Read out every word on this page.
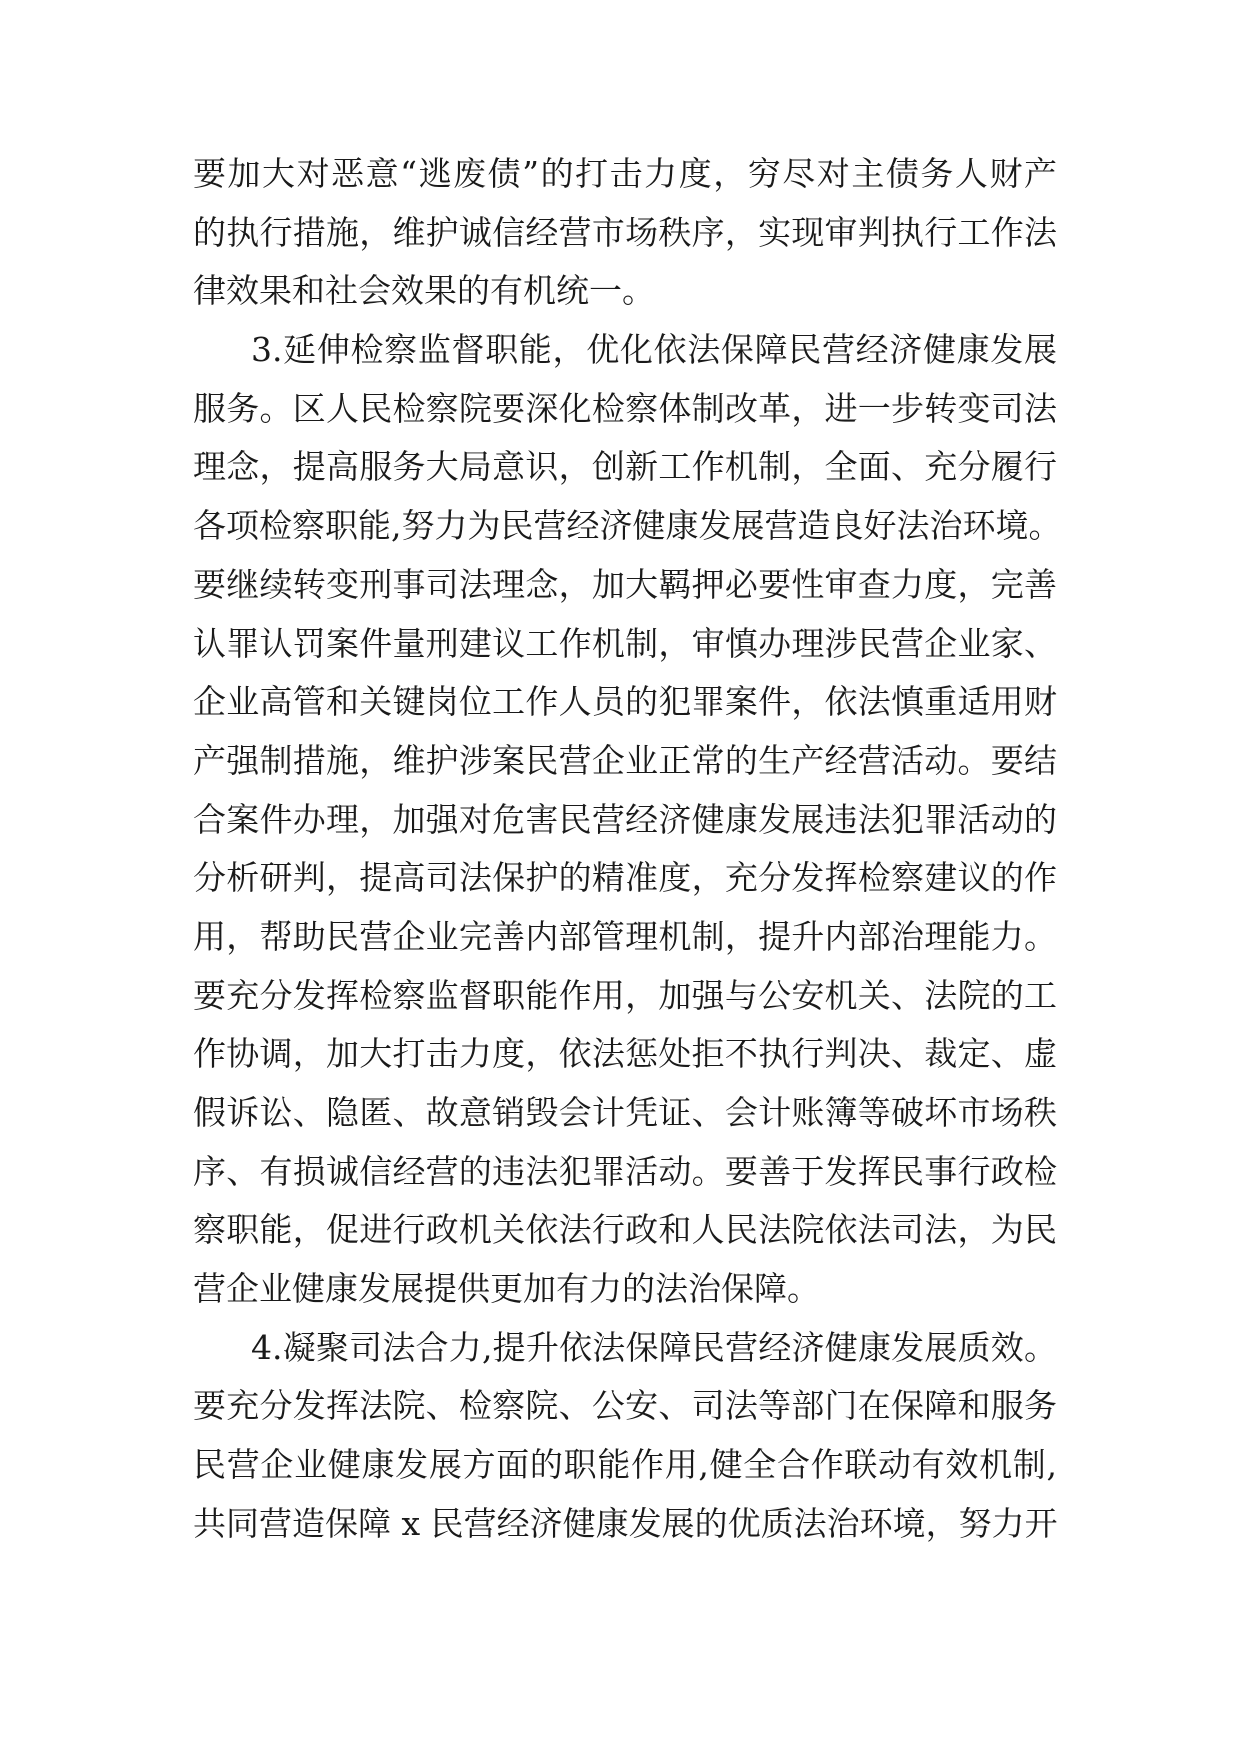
要加大对恶意“逃废债”的打击力度，穷尽对主债务人财产
的执行措施，维护诚信经营市场秩序，实现审判执行工作法
律效果和社会效果的有机统一。
3.延伸检察监督职能，优化依法保障民营经济健康发展
服务。区人民检察院要深化检察体制改革，进一步转变司法
理念，提高服务大局意识，创新工作机制，全面、充分履行
各项检察职能,努力为民营经济健康发展营造良好法治环境。
要继续转变刑事司法理念，加大羁押必要性审查力度，完善
认罪认罚案件量刑建议工作机制，审慎办理涉民营企业家、
企业高管和关键岗位工作人员的犯罪案件，依法慎重适用财
产强制措施，维护涉案民营企业正常的生产经营活动。要结
合案件办理，加强对危害民营经济健康发展违法犯罪活动的
分析研判，提高司法保护的精准度，充分发挥检察建议的作
用，帮助民营企业完善内部管理机制，提升内部治理能力。
要充分发挥检察监督职能作用，加强与公安机关、法院的工
作协调，加大打击力度，依法惩处拒不执行判决、裁定、虚
假诉讼、隐匿、故意销毁会计凭证、会计账簿等破坏市场秩
序、有损诚信经营的违法犯罪活动。要善于发挥民事行政检
察职能，促进行政机关依法行政和人民法院依法司法，为民
营企业健康发展提供更加有力的法治保障。
4.凝聚司法合力,提升依法保障民营经济健康发展质效。
要充分发挥法院、检察院、公安、司法等部门在保障和服务
民营企业健康发展方面的职能作用,健全合作联动有效机制,
共同营造保障 x 民营经济健康发展的优质法治环境，努力开
